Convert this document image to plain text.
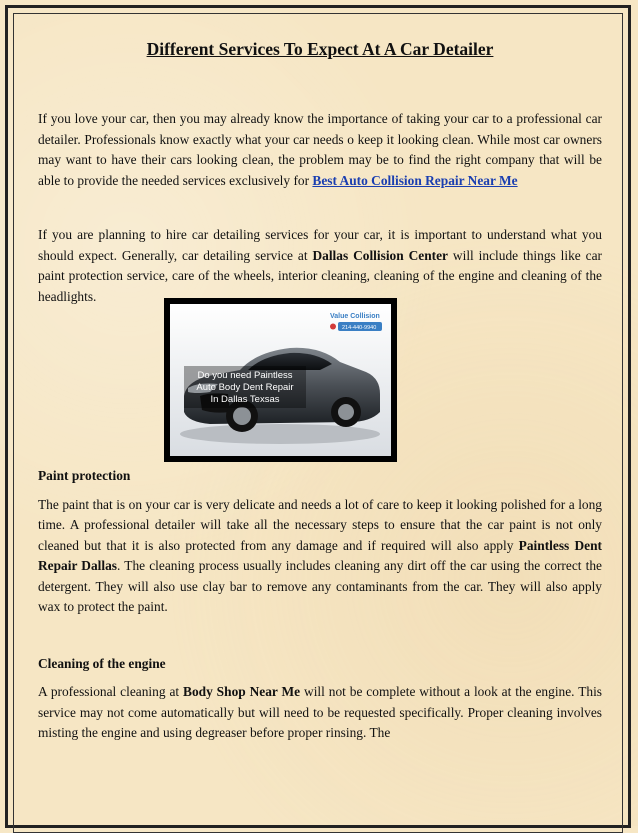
Different Services To Expect At A Car Detailer

If you love your car, then you may already know the importance of taking your car to a professional car detailer. Professionals know exactly what your car needs o keep it looking clean. While most car owners may want to have their cars looking clean, the problem may be to find the right company that will be able to provide the needed services exclusively for Best Auto Collision Repair Near Me

If you are planning to hire car detailing services for your car, it is important to understand what you should expect. Generally, car detailing service at Dallas Collision Center will include things like car paint protection service, care of the wheels, interior cleaning, cleaning of the engine and cleaning of the headlights.

Paint protection

The paint that is on your car is very delicate and needs a lot of care to keep it looking polished for a long time. A professional detailer will take all the necessary steps to ensure that the car paint is not only cleaned but that it is also protected from any damage and if required will also apply Paintless Dent Repair Dallas. The cleaning process usually includes cleaning any dirt off the car using the correct the detergent. They will also use clay bar to remove any contaminants from the car. They will also apply wax to protect the paint.

Cleaning of the engine

A professional cleaning at Body Shop Near Me will not be complete without a look at the engine. This service may not come automatically but will need to be requested specifically. Proper cleaning involves misting the engine and using degreaser before proper rinsing. The

Value Collision
214-440-9940
Do you need Paintless
Auto Body Dent Repair
In Dallas Texsas
